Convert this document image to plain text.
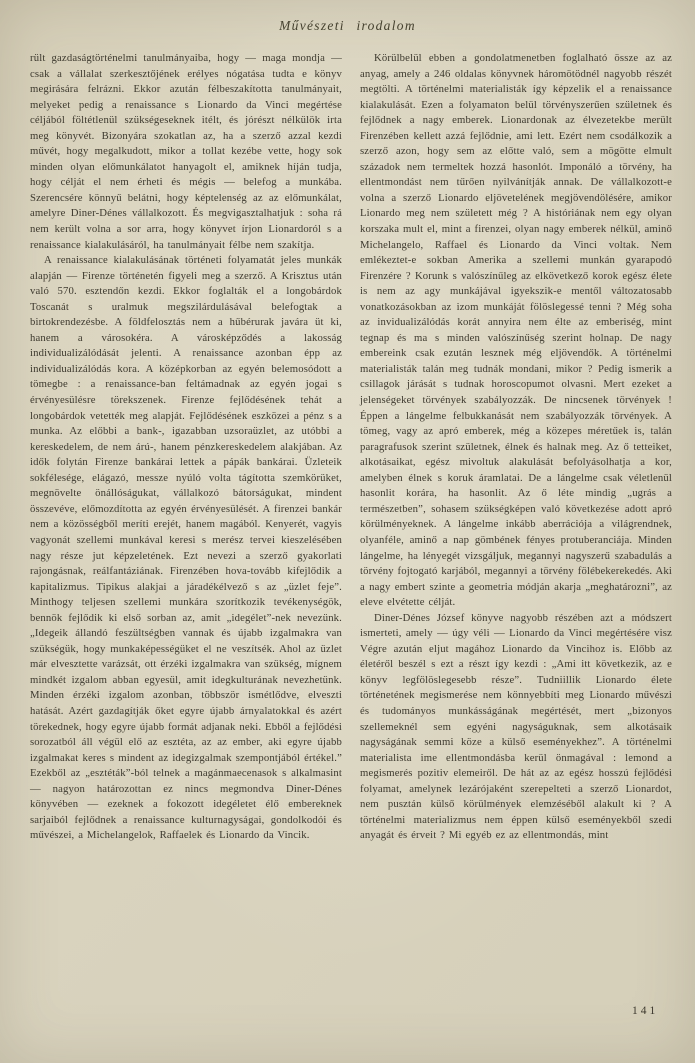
Művészeti irodalom

rült gazdaságtörténelmi tanulmányaiba, hogy — maga mondja — csak a vállalat szerkesztőjének erélyes nógatása tudta e könyv megirására felrázni. Ekkor azután félbeszakította tanulmányait, melyeket pedig a renaissance s Lionardo da Vinci megértése céljából föltétlenül szükségeseknek itélt, és jórészt nélkülök irta meg könyvét. Bizonyára szokatlan az, ha a szerző azzal kezdi művét, hogy megalkudott, mikor a tollat kezébe vette, hogy sok minden olyan előmunkálatot hanyagolt el, amiknek híján tudja, hogy célját el nem érheti és mégis — belefog a munkába. Szerencsére könnyű belátni, hogy képtelenség az az előmunkálat, amelyre Diner-Dénes vállalkozott. És megvigasztalhatjuk : soha rá nem került volna a sor arra, hogy könyvet írjon Lionardoról s a renaissance kialakulásáról, ha tanulmányait félbe nem szakítja.

A renaissance kialakulásának történeti folyamatát jeles munkák alapján — Firenze történetén figyeli meg a szerző. A Krisztus után való 570. esztendőn kezdi. Ekkor foglalták el a longobárdok Toscanát s uralmuk megszilárdulásával belefogtak a birtokrendezésbe. A földfelosztás nem a hűbérurak javára üt ki, hanem a városokéra. A városképződés a lakosság individualizálódását jelenti. A renaissance azonban épp az individualizálódás kora. A középkorban az egyén belemosódott a tömegbe : a renaissance-ban feltámadnak az egyén jogai s érvényesülésre törekszenek. Firenze fejlődésének tehát a longobárdok vetették meg alapját. Fejlődésének eszközei a pénz s a munka. Az előbbi a bank-, igazabban uzsoraüzlet, az utóbbi a kereskedelem, de nem árú-, hanem pénzkereskedelem alakjában. Az idők folytán Firenze bankárai lettek a pápák bankárai. Üzleteik sokfélesége, elágazó, messze nyúló volta tágította szemkörüket, megnövelte önállóságukat, vállalkozó bátorságukat, mindent összevéve, előmozdította az egyén érvényesülését. A firenzei bankár nem a közösségből meríti erejét, hanem magából. Kenyerét, vagyis vagyonát szellemi munkával keresi s merész tervei kieszelésében nagy része jut képzeletének. Ezt nevezi a szerző gyakorlati rajongásnak, reálfantáziának. Firenzében hova-tovább kifejlődik a kapitalizmus. Tipikus alakjai a járadékélvező s az „üzlet feje”. Minthogy teljesen szellemi munkára szorítkozik tevékenységök, bennök fejlődik ki első sorban az, amit „idegélet”-nek nevezünk. „Idegeik állandó feszültségben vannak és újabb izgalmakra van szükségük, hogy munkaképességüket el ne veszítsék. Ahol az üzlet már elvesztette varázsát, ott érzéki izgalmakra van szükség, mígnem mindkét izgalom abban egyesül, amit idegkulturának nevezhetünk. Minden érzéki izgalom azonban, többször ismétlődve, elveszti hatását. Azért gazdagítják őket egyre újabb árnyalatokkal és azért törekednek, hogy egyre újabb formát adjanak neki. Ebből a fejlődési sorozatból áll végül elő az esztéta, az az ember, aki egyre újabb izgalmakat keres s mindent az idegizgalmak szempontjából értékel.” Ezekből az „esztéták”-ból telnek a magánmaecenasok s alkalmasint — nagyon határozottan ez nincs megmondva Diner-Dénes könyvében — ezeknek a fokozott idegéletet élő embereknek sarjaiból fejlődnek a renaissance kulturnagyságai, gondolkodói és művészei, a Michelangelok, Raffaelek és Lionardo da Vincik.

Körülbelül ebben a gondolatmenetben foglalható össze az az anyag, amely a 246 oldalas könyvnek háromötödnél nagyobb részét megtölti. A történelmi materialisták így képzelik el a renaissance kialakulását. Ezen a folyamaton belül törvényszerűen születnek és fejlődnek a nagy emberek. Lionardonak az élvezetekbe merült Firenzében kellett azzá fejlődnie, ami lett. Ezért nem csodálkozik a szerző azon, hogy sem az előtte való, sem a mögötte elmult századok nem termeltek hozzá hasonlót. Imponáló a törvény, ha ellentmondást nem tűrően nyilvánítják annak. De vállalkozott-e volna a szerző Lionardo eljövetelének megjövendölésére, amikor Lionardo meg nem született még ? A históriának nem egy olyan korszaka mult el, mint a firenzei, olyan nagy emberek nélkül, aminő Michelangelo, Raffael és Lionardo da Vinci voltak. Nem emlékeztet-e sokban Amerika a szellemi munkán gyarapodó Firenzére ? Korunk s valószínűleg az elkövetkező korok egész élete is nem az agy munkájával igyekszik-e mentől változatosabb vonatkozásokban az izom munkáját fölöslegessé tenni ? Még soha az invidualizálódás korát annyira nem élte az emberiség, mint tegnap és ma s minden valószínűség szerint holnap. De nagy embereink csak ezután lesznek még eljövendők. A történelmi materialisták talán meg tudnák mondani, mikor ? Pedig ismerik a csillagok járását s tudnak horoscopumot olvasni. Mert ezeket a jelenségeket törvények szabályozzák. De nincsenek törvények ! Éppen a lángelme felbukkanását nem szabályozzák törvények. A tömeg, vagy az apró emberek, még a közepes méretűek is, talán paragrafusok szerint születnek, élnek és halnak meg. Az ő tetteiket, alkotásaikat, egész mivoltuk alakulását befolyásolhatja a kor, amelyben élnek s koruk áramlatai. De a lángelme csak véletlenül hasonlit korára, ha hasonlit. Az ő léte mindig „ugrás a természetben”, sohasem szükségképen való következése adott apró körülményeknek. A lángelme inkább aberrációja a világrendnek, olyanféle, aminő a nap gömbének fényes protuberanciája. Minden lángelme, ha lényegét vizsgáljuk, megannyi nagyszerű szabadulás a törvény fojtogató karjából, megannyi a törvény fölébekerekedés. Aki a nagy embert szinte a geometria módján akarja „meghatározni”, az eleve elvétette célját.

Diner-Dénes József könyve nagyobb részében azt a módszert ismerteti, amely — úgy véli — Lionardo da Vinci megértésére visz Végre azután eljut magához Lionardo da Vincihoz is. Előbb az életéről beszél s ezt a részt így kezdi : „Ami itt következik, az e könyv legfölöslegesebb része”. Tudniillik Lionardo élete történetének megismerése nem könnyebbíti meg Lionardo művészi és tudományos munkásságának megértését, mert „bizonyos szellemeknél sem egyéni nagyságuknak, sem alkotásaik nagyságának semmi köze a külső eseményekhez”. A történelmi materialista ime ellentmondásba kerül önmagával : lemond a megismerés pozitiv elemeiről. De hát az az egész hosszú fejlődési folyamat, amelynek lezárójaként szerepelteti a szerző Lionardot, nem pusztán külső körülmények elemzéséből alakult ki ? A történelmi materializmus nem éppen külső eseményekből szedi anyagát és érveit ? Mi egyéb ez az ellentmondás, mint

141
